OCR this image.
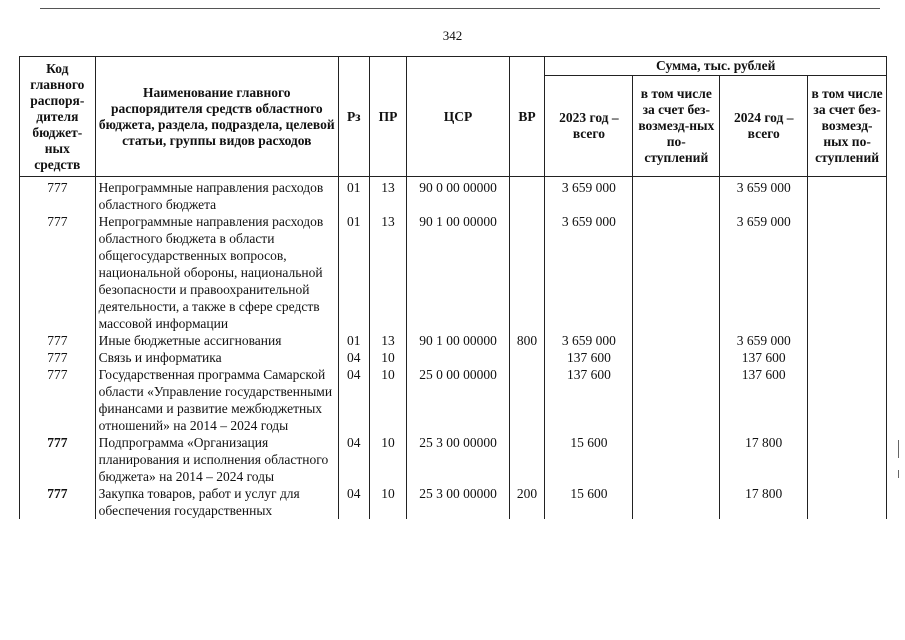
342
Код главного распоря-дителя бюджет-ных средств	Наименование главного распорядителя средств областного бюджета, раздела, подраздела, целевой статьи, группы видов расходов	Рз	ПР	ЦСР	ВР	Сумма, тыс. рублей			
						2023 год – всего	в том числе за счет без-возмезд-ных по-ступлений	2024 год – всего	в том числе за счет без-возмезд-ных по-ступлений
777	Непрограммные направления расходов областного бюджета	01	13	90 0 00 00000		3 659 000		3 659 000	
777	Непрограммные направления расходов областного бюджета в области общегосударственных вопросов, национальной обороны, национальной безопасности и правоохранительной деятельности, а также в сфере средств массовой информации	01	13	90 1 00 00000		3 659 000		3 659 000	
777	Иные бюджетные ассигнования	01	13	90 1 00 00000	800	3 659 000		3 659 000	
777	Связь и информатика	04	10			137 600		137 600	
777	Государственная программа Самарской области «Управление государственными финансами и развитие межбюджетных отношений» на 2014 – 2024 годы	04	10	25 0 00 00000		137 600		137 600	
777	Подпрограмма «Организация планирования и исполнения областного бюджета» на 2014 – 2024 годы	04	10	25 3 00 00000		15 600		17 800	
777	Закупка товаров, работ и услуг для обеспечения государственных	04	10	25 3 00 00000	200	15 600		17 800	
